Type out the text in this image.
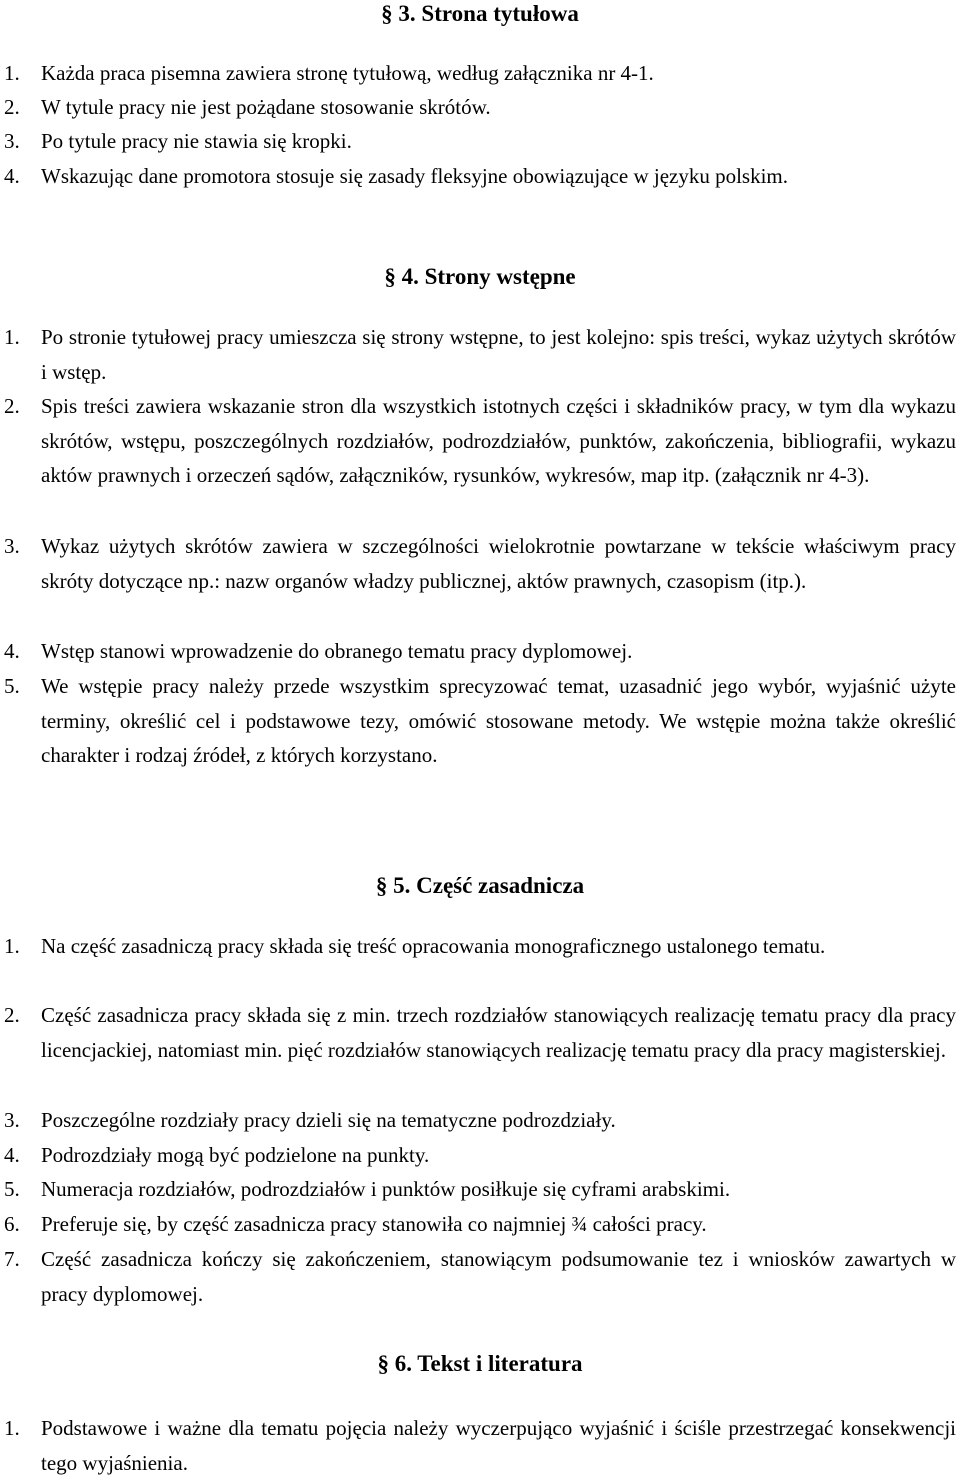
§ 3. Strona tytułowa
1. Każda praca pisemna zawiera stronę tytułową, według załącznika nr 4-1.
2. W tytule pracy nie jest pożądane stosowanie skrótów.
3. Po tytule pracy nie stawia się kropki.
4. Wskazując dane promotora stosuje się zasady fleksyjne obowiązujące w języku polskim.
§ 4. Strony wstępne
1. Po stronie tytułowej pracy umieszcza się strony wstępne, to jest kolejno: spis treści, wykaz użytych skrótów i wstęp.
2. Spis treści zawiera wskazanie stron dla wszystkich istotnych części i składników pracy, w tym dla wykazu skrótów, wstępu, poszczególnych rozdziałów, podrozdziałów, punktów, zakończenia, bibliografii, wykazu aktów prawnych i orzeczeń sądów, załączników, rysunków, wykresów, map itp. (załącznik nr 4-3).
3. Wykaz użytych skrótów zawiera w szczególności wielokrotnie powtarzane w tekście właściwym pracy skróty dotyczące np.: nazw organów władzy publicznej, aktów prawnych, czasopism (itp.).
4. Wstęp stanowi wprowadzenie do obranego tematu pracy dyplomowej.
5. We wstępie pracy należy przede wszystkim sprecyzować temat, uzasadnić jego wybór, wyjaśnić użyte terminy, określić cel i podstawowe tezy, omówić stosowane metody. We wstępie można także określić charakter i rodzaj źródeł, z których korzystano.
§ 5. Część zasadnicza
1. Na część zasadniczą pracy składa się treść opracowania monograficznego ustalonego tematu.
2. Część zasadnicza pracy składa się z min. trzech rozdziałów stanowiących realizację tematu pracy dla pracy licencjackiej, natomiast min. pięć rozdziałów stanowiących realizację tematu pracy dla pracy magisterskiej.
3. Poszczególne rozdziały pracy dzieli się na tematyczne podrozdziały.
4. Podrozdziały mogą być podzielone na punkty.
5. Numeracja rozdziałów, podrozdziałów i punktów posiłkuje się cyframi arabskimi.
6. Preferuje się, by część zasadnicza pracy stanowiła co najmniej ¾ całości pracy.
7. Część zasadnicza kończy się zakończeniem, stanowiącym podsumowanie tez i wniosków zawartych w pracy dyplomowej.
§ 6. Tekst i literatura
1. Podstawowe i ważne dla tematu pojęcia należy wyczerpująco wyjaśnić i ściśle przestrzegać konsekwencji tego wyjaśnienia.
